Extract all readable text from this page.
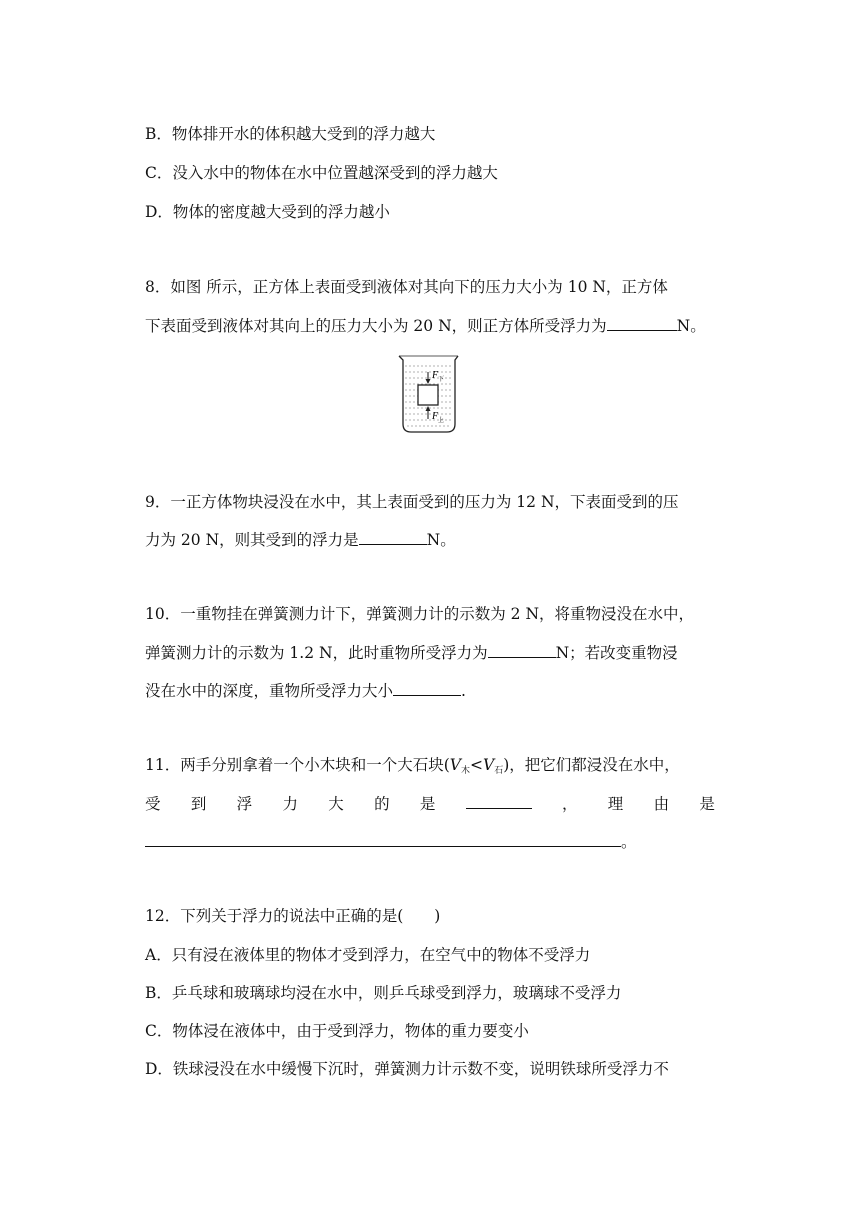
B．物体排开水的体积越大受到的浮力越大
C．没入水中的物体在水中位置越深受到的浮力越大
D．物体的密度越大受到的浮力越小
8．如图 所示，正方体上表面受到液体对其向下的压力大小为 10 N，正方体
下表面受到液体对其向上的压力大小为 20 N，则正方体所受浮力为	N。
F 下
F 上
9．一正方体物块浸没在水中，其上表面受到的压力为 12 N，下表面受到的压
力为 20 N，则其受到的浮力是	N。
10．一重物挂在弹簧测力计下，弹簧测力计的示数为 2 N，将重物浸没在水中，
弹簧测力计的示数为 1.2 N，此时重物所受浮力为	N；若改变重物浸
没在水中的深度，重物所受浮力大小	.
11．两手分别拿着一个小木块和一个大石块$(V_木<V_石)$，把它们都浸没在水中，
受 到 浮 力 大 的 是	， 理 由 是
。
12．下列关于浮力的说法中正确的是(　　)
A．只有浸在液体里的物体才受到浮力，在空气中的物体不受浮力
B．乒乓球和玻璃球均浸在水中，则乒乓球受到浮力，玻璃球不受浮力
C．物体浸在液体中，由于受到浮力，物体的重力要变小
D．铁球浸没在水中缓慢下沉时，弹簧测力计示数不变，说明铁球所受浮力不
